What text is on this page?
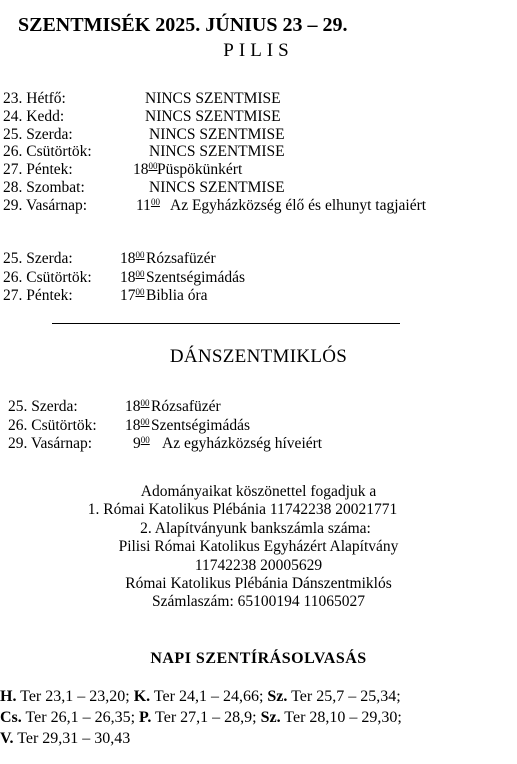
SZENTMISÉK 2025. JÚNIUS 23 – 29.
PILIS
23. Hétfő:	NINCS SZENTMISE
24. Kedd:	NINCS SZENTMISE
25. Szerda:	NINCS SZENTMISE
26. Csütörtök:	NINCS SZENTMISE
27. Péntek:	$18^{00}$ Püspökünkért
28. Szombat:	NINCS SZENTMISE
29. Vasárnap:	$11^{00}$ Az Egyházközség élő és elhunyt tagjaiért
25. Szerda:	$18^{00}$ Rózsafüzér
26. Csütörtök: $18^{00}$ Szentségimádás
27. Péntek:	$17^{00}$ Biblia óra
DÁNSZENTMIKLÓS
25. Szerda:	$18^{00}$ Rózsafüzér
26. Csütörtök: $18^{00}$ Szentségimádás
29. Vasárnap:	$9^{00}$ Az egyházközség híveiért
Adományaikat köszönettel fogadjuk a
1. Római Katolikus Plébánia 11742238 20021771
2. Alapítványunk bankszámla száma:
Pilisi Római Katolikus Egyházért Alapítvány
11742238 20005629
Római Katolikus Plébánia Dánszentmiklós
Számlaszám: 65100194 11065027
NAPI SZENTÍRÁSOLVASÁS
H. Ter 23,1 – 23,20; K. Ter 24,1 – 24,66; Sz. Ter 25,7 – 25,34;
Cs. Ter 26,1 – 26,35; P. Ter 27,1 – 28,9; Sz. Ter 28,10 – 29,30;
V. Ter 29,31 – 30,43
